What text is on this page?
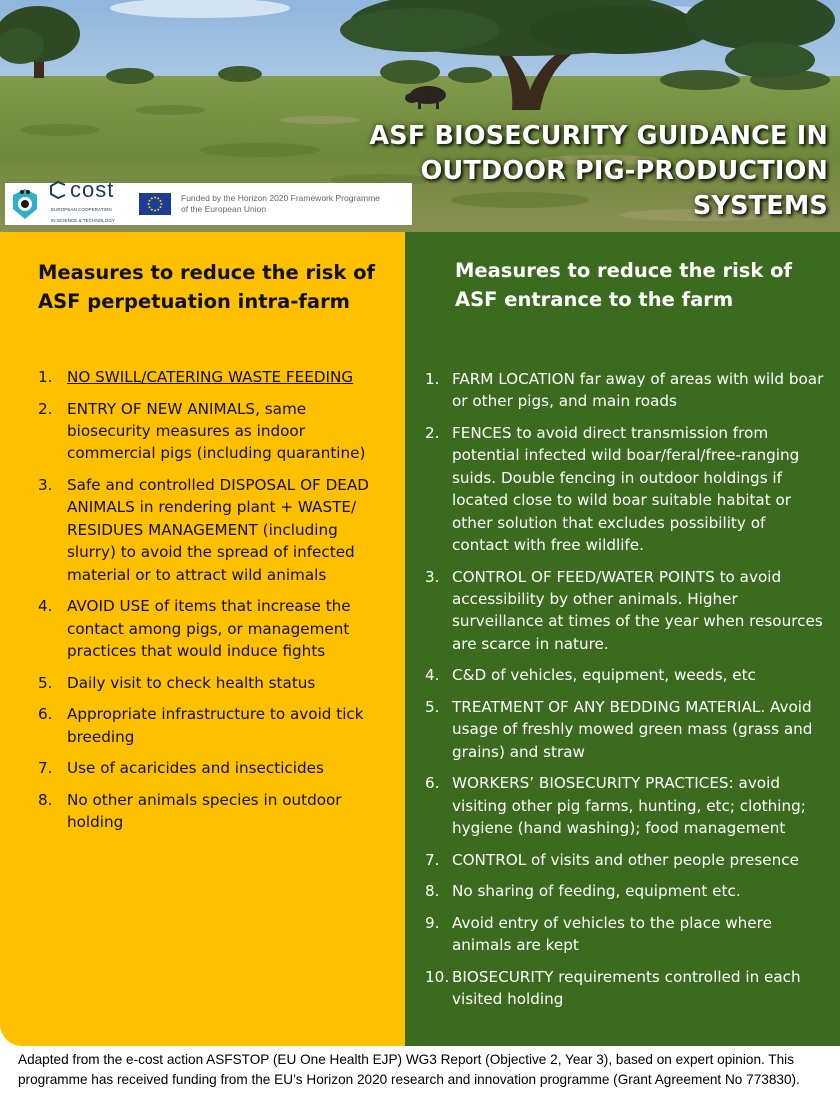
ASF BIOSECURITY GUIDANCE IN
OUTDOOR PIG-PRODUCTION
SYSTEMS
cost

EUROPEAN COOPERATION

IN SCIENCE & TECHNOLOGY

Funded by the Horizon 2020 Framework Programme
of the European Union
Measures to reduce the risk of
ASF perpetuation intra-farm
1. NO SWILL/CATERING WASTE FEEDING
2. ENTRY OF NEW ANIMALS, same biosecurity measures as indoor commercial pigs (including quarantine)
3. Safe and controlled DISPOSAL OF DEAD ANIMALS in rendering plant + WASTE/ RESIDUES MANAGEMENT (including slurry) to avoid the spread of infected material or to attract wild animals
4. AVOID USE of items that increase the contact among pigs, or management practices that would induce fights
5. Daily visit to check health status
6. Appropriate infrastructure to avoid tick breeding
7. Use of acaricides and insecticides
8. No other animals species in outdoor holding
Measures to reduce the risk of
ASF entrance to the farm
1. FARM LOCATION far away of areas with wild boar or other pigs, and main roads
2. FENCES to avoid direct transmission from potential infected wild boar/feral/free-ranging suids. Double fencing in outdoor holdings if located close to wild boar suitable habitat or other solution that excludes possibility of contact with free wildlife.
3. CONTROL OF FEED/WATER POINTS to avoid accessibility by other animals. Higher surveillance at times of the year when resources are scarce in nature.
4. C&D of vehicles, equipment, weeds, etc
5. TREATMENT OF ANY BEDDING MATERIAL. Avoid usage of freshly mowed green mass (grass and grains) and straw
6. WORKERS’ BIOSECURITY PRACTICES: avoid visiting other pig farms, hunting, etc; clothing; hygiene (hand washing); food management
7. CONTROL of visits and other people presence
8. No sharing of feeding, equipment etc.
9. Avoid entry of vehicles to the place where animals are kept
10. BIOSECURITY requirements controlled in each visited holding
Adapted from the e-cost action ASFSTOP (EU One Health EJP) WG3 Report (Objective 2, Year 3), based on expert opinion. This programme has received funding from the EU’s Horizon 2020 research and innovation programme (Grant Agreement No 773830).
